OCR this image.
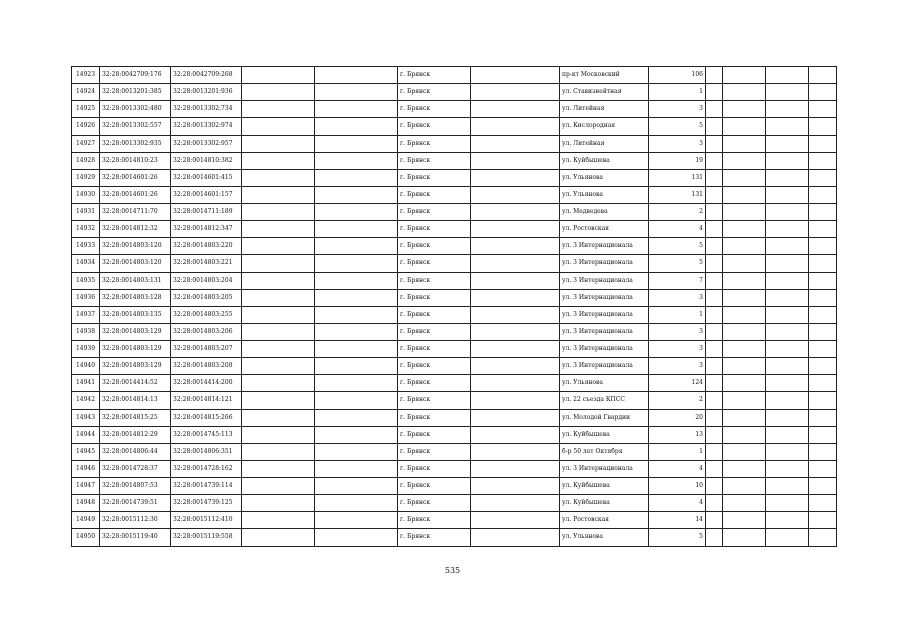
14923	32:28:0042709:176	32:28:0042709:268			г. Брянск		пр-кт Московский	106				
14924	32:28:0013201:385	32:28:0013201:936			г. Брянск		ул. Ставизнейтная	1				
14925	32:28:0013302:480	32:28:0013302:734			г. Брянск		ул. Литейная	3				
14926	32:28:0013302:557	32:28:0013302:974			г. Брянск		ул. Кислородная	5				
14927	32:28:0013302:935	32:28:0013302:957			г. Брянск		ул. Литейная	3				
14928	32:28:0014810:23	32:28:0014810:382			г. Брянск		ул. Куйбышева	19				
14929	32:28:0014601:26	32:28:0014601:415			г. Брянск		ул. Ульянова	131				
14930	32:28:0014601:26	32:28:0014601:157			г. Брянск		ул. Ульянова	131				
14931	32:28:0014711:70	32:28:0014711:189			г. Брянск		ул. Медведева	2				
14932	32:28:0014812:32	32:28:0014812:347			г. Брянск		ул. Ростовская	4				
14933	32:28:0014803:120	32:28:0014803:220			г. Брянск		ул. 3 Интернационала	5				
14934	32:28:0014803:120	32:28:0014803:221			г. Брянск		ул. 3 Интернационала	5				
14935	32:28:0014803:131	32:28:0014803:204			г. Брянск		ул. 3 Интернационала	7				
14936	32:28:0014803:128	32:28:0014803:205			г. Брянск		ул. 3 Интернационала	3				
14937	32:28:0014803:135	32:28:0014803:255			г. Брянск		ул. 3 Интернационала	1				
14938	32:28:0014803:129	32:28:0014803:206			г. Брянск		ул. 3 Интернационала	3				
14939	32:28:0014803:129	32:28:0014803:207			г. Брянск		ул. 3 Интернационала	3				
14940	32:28:0014803:129	32:28:0014803:208			г. Брянск		ул. 3 Интернационала	3				
14941	32:28:0014414:52	32:28:0014414:200			г. Брянск		ул. Ульянова	124				
14942	32:28:0014814:13	32:28:0014814:121			г. Брянск		ул. 22 съезда КПСС	2				
14943	32:28:0014815:25	32:28:0014815:266			г. Брянск		ул. Молодой Гвардии	20				
14944	32:28:0014812:29	32:28:0014745:113			г. Брянск		ул. Куйбышева	13				
14945	32:28:0014806:44	32:28:0014806:351			г. Брянск		б-р 50 лет Октября	1				
14946	32:28:0014728:37	32:28:0014728:162			г. Брянск		ул. 3 Интернационала	4				
14947	32:28:0014807:53	32:28:0014739:114			г. Брянск		ул. Куйбышева	10				
14948	32:28:0014739:51	32:28:0014739:125			г. Брянск		ул. Куйбышева	4				
14949	32:28:0015112:30	32:28:0015112:410			г. Брянск		ул. Ростовская	14				
14950	32:28:0015119:40	32:28:0015119:558			г. Брянск		ул. Ульянова	5				
535
